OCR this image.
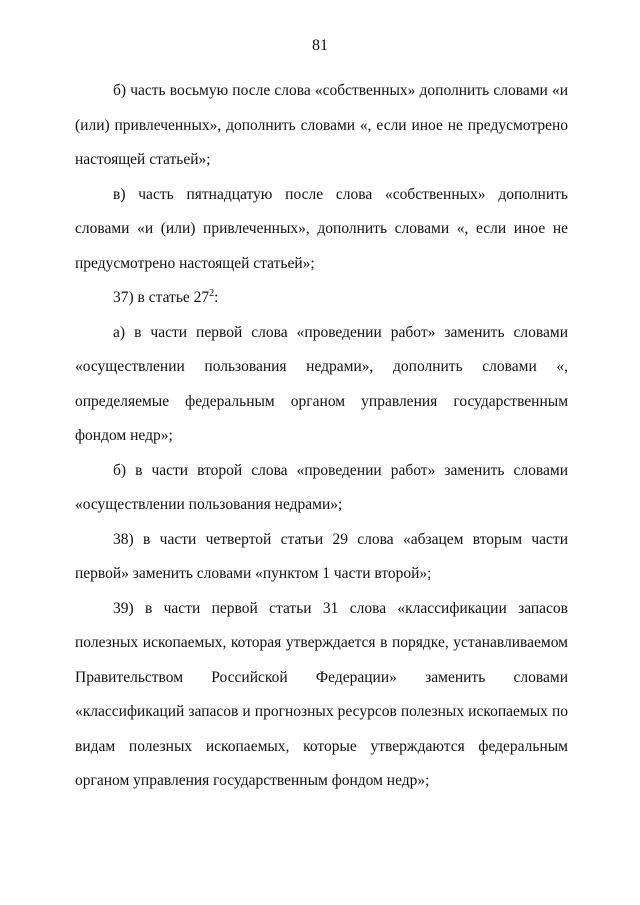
81

б) часть восьмую после слова «собственных» дополнить словами «и (или) привлеченных», дополнить словами «, если иное не предусмотрено настоящей статьей»;

в) часть пятнадцатую после слова «собственных» дополнить словами «и (или) привлеченных», дополнить словами «, если иное не предусмотрено настоящей статьей»;

37) в статье $27^2$:

а) в части первой слова «проведении работ» заменить словами «осуществлении пользования недрами», дополнить словами «, определяемые федеральным органом управления государственным фондом недр»;

б) в части второй слова «проведении работ» заменить словами «осуществлении пользования недрами»;

38) в части четвертой статьи 29 слова «абзацем вторым части первой» заменить словами «пунктом 1 части второй»;

39) в части первой статьи 31 слова «классификации запасов полезных ископаемых, которая утверждается в порядке, устанавливаемом Правительством Российской Федерации» заменить словами «классификаций запасов и прогнозных ресурсов полезных ископаемых по видам полезных ископаемых, которые утверждаются федеральным органом управления государственным фондом недр»;
